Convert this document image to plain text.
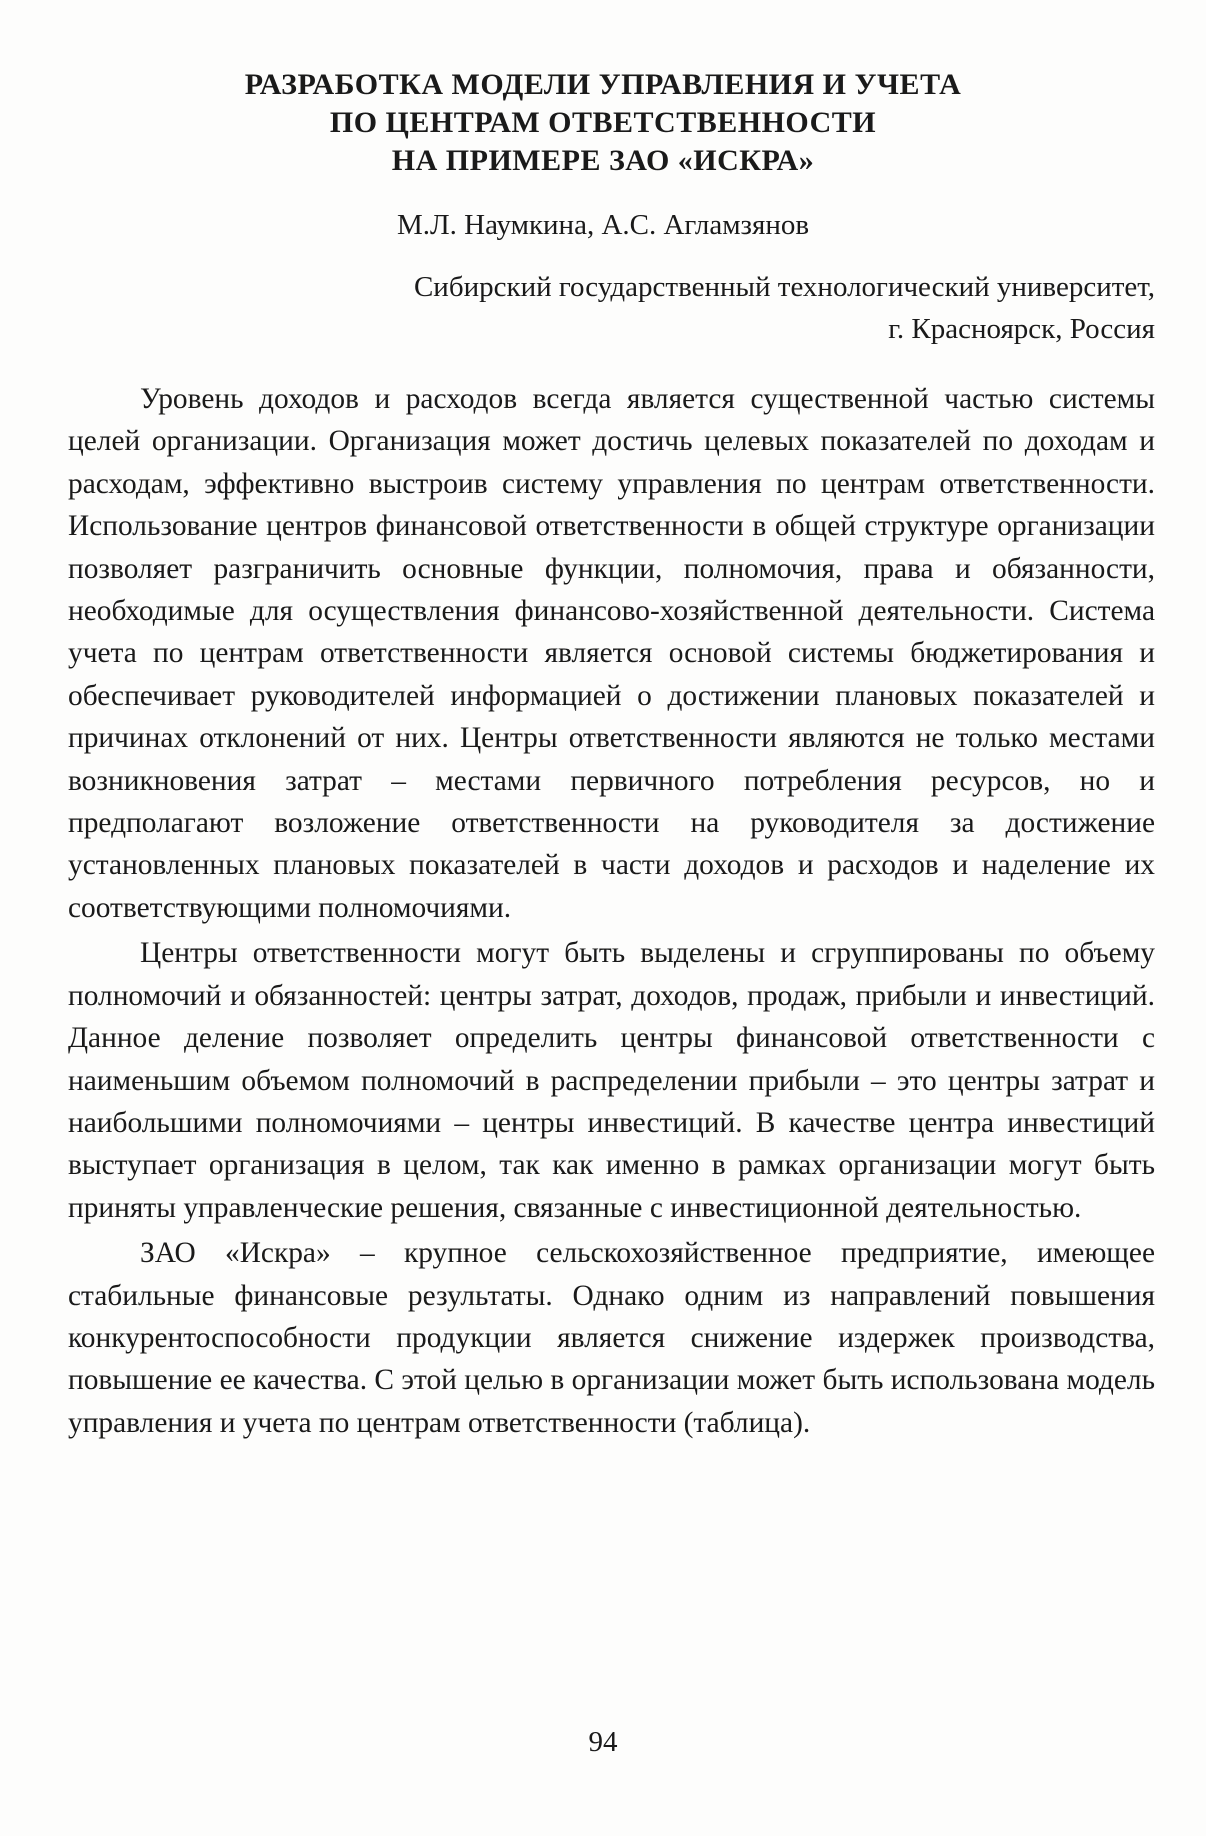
РАЗРАБОТКА МОДЕЛИ УПРАВЛЕНИЯ И УЧЕТА
ПО ЦЕНТРАМ ОТВЕТСТВЕННОСТИ
НА ПРИМЕРЕ ЗАО «ИСКРА»
М.Л. Наумкина, А.С. Агламзянов
Сибирский государственный технологический университет,
г. Красноярск, Россия

Уровень доходов и расходов всегда является существенной частью системы целей организации. Организация может достичь целевых показателей по доходам и расходам, эффективно выстроив систему управления по центрам ответственности. Использование центров финансовой ответственности в общей структуре организации позволяет разграничить основные функции, полномочия, права и обязанности, необходимые для осуществления финансово-хозяйственной деятельности. Система учета по центрам ответственности является основой системы бюджетирования и обеспечивает руководителей информацией о достижении плановых показателей и причинах отклонений от них. Центры ответственности являются не только местами возникновения затрат – местами первичного потребления ресурсов, но и предполагают возложение ответственности на руководителя за достижение установленных плановых показателей в части доходов и расходов и наделение их соответствующими полномочиями.

Центры ответственности могут быть выделены и сгруппированы по объему полномочий и обязанностей: центры затрат, доходов, продаж, прибыли и инвестиций. Данное деление позволяет определить центры финансовой ответственности с наименьшим объемом полномочий в распределении прибыли – это центры затрат и наибольшими полномочиями – центры инвестиций. В качестве центра инвестиций выступает организация в целом, так как именно в рамках организации могут быть приняты управленческие решения, связанные с инвестиционной деятельностью.

ЗАО «Искра» – крупное сельскохозяйственное предприятие, имеющее стабильные финансовые результаты. Однако одним из направлений повышения конкурентоспособности продукции является снижение издержек производства, повышение ее качества. С этой целью в организации может быть использована модель управления и учета по центрам ответственности (таблица).

94
